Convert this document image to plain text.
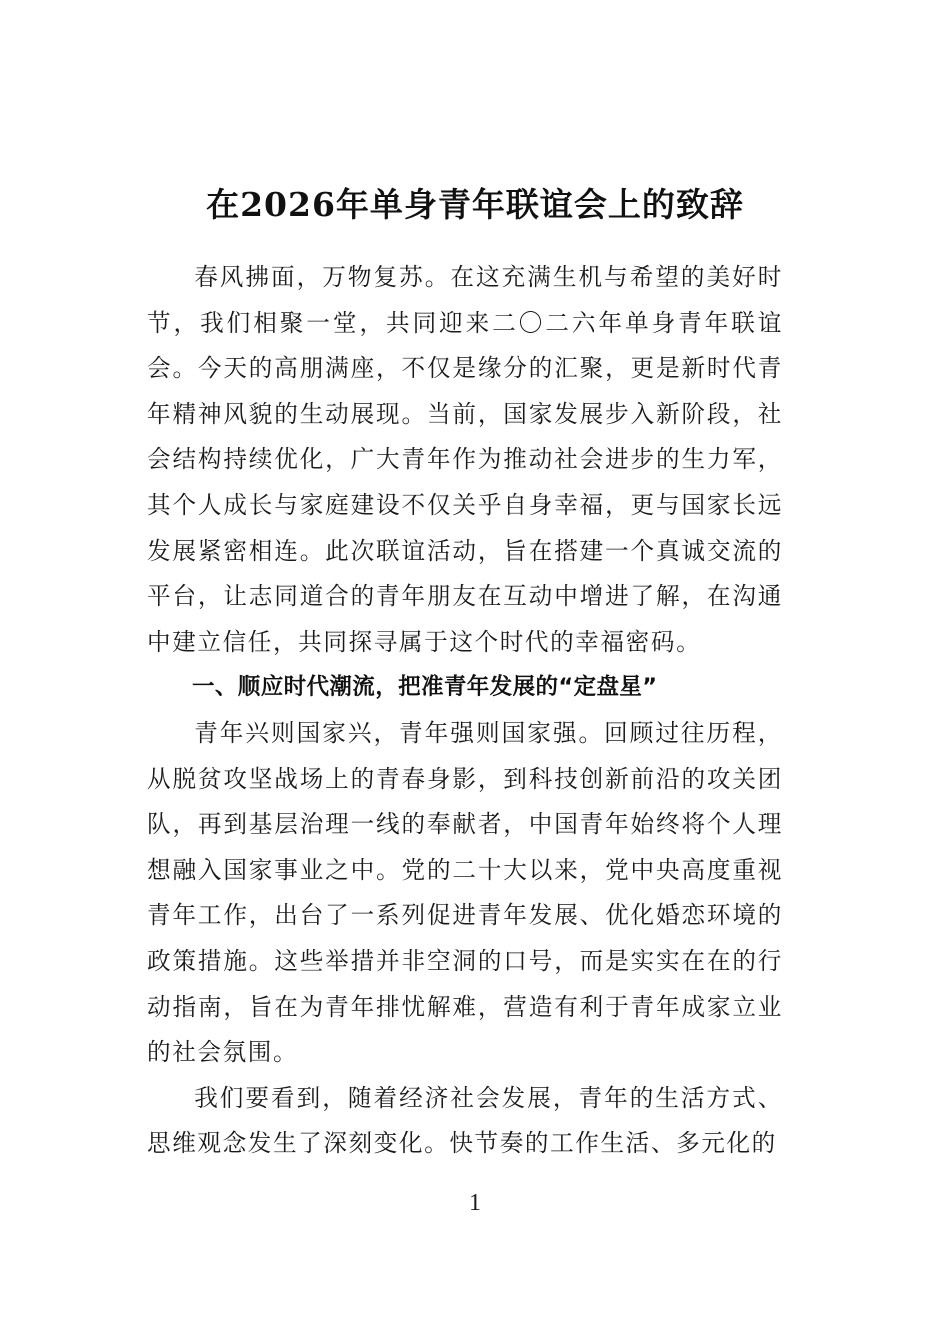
在2026年单身青年联谊会上的致辞

春风拂面，万物复苏。在这充满生机与希望的美好时节，我们相聚一堂，共同迎来二〇二六年单身青年联谊会。今天的高朋满座，不仅是缘分的汇聚，更是新时代青年精神风貌的生动展现。当前，国家发展步入新阶段，社会结构持续优化，广大青年作为推动社会进步的生力军，其个人成长与家庭建设不仅关乎自身幸福，更与国家长远发展紧密相连。此次联谊活动，旨在搭建一个真诚交流的平台，让志同道合的青年朋友在互动中增进了解，在沟通中建立信任，共同探寻属于这个时代的幸福密码。

一、顺应时代潮流，把准青年发展的“定盘星”

青年兴则国家兴，青年强则国家强。回顾过往历程，从脱贫攻坚战场上的青春身影，到科技创新前沿的攻关团队，再到基层治理一线的奉献者，中国青年始终将个人理想融入国家事业之中。党的二十大以来，党中央高度重视青年工作，出台了一系列促进青年发展、优化婚恋环境的政策措施。这些举措并非空洞的口号，而是实实在在的行动指南，旨在为青年排忧解难，营造有利于青年成家立业的社会氛围。

我们要看到，随着经济社会发展，青年的生活方式、思维观念发生了深刻变化。快节奏的工作生活、多元化的

1
